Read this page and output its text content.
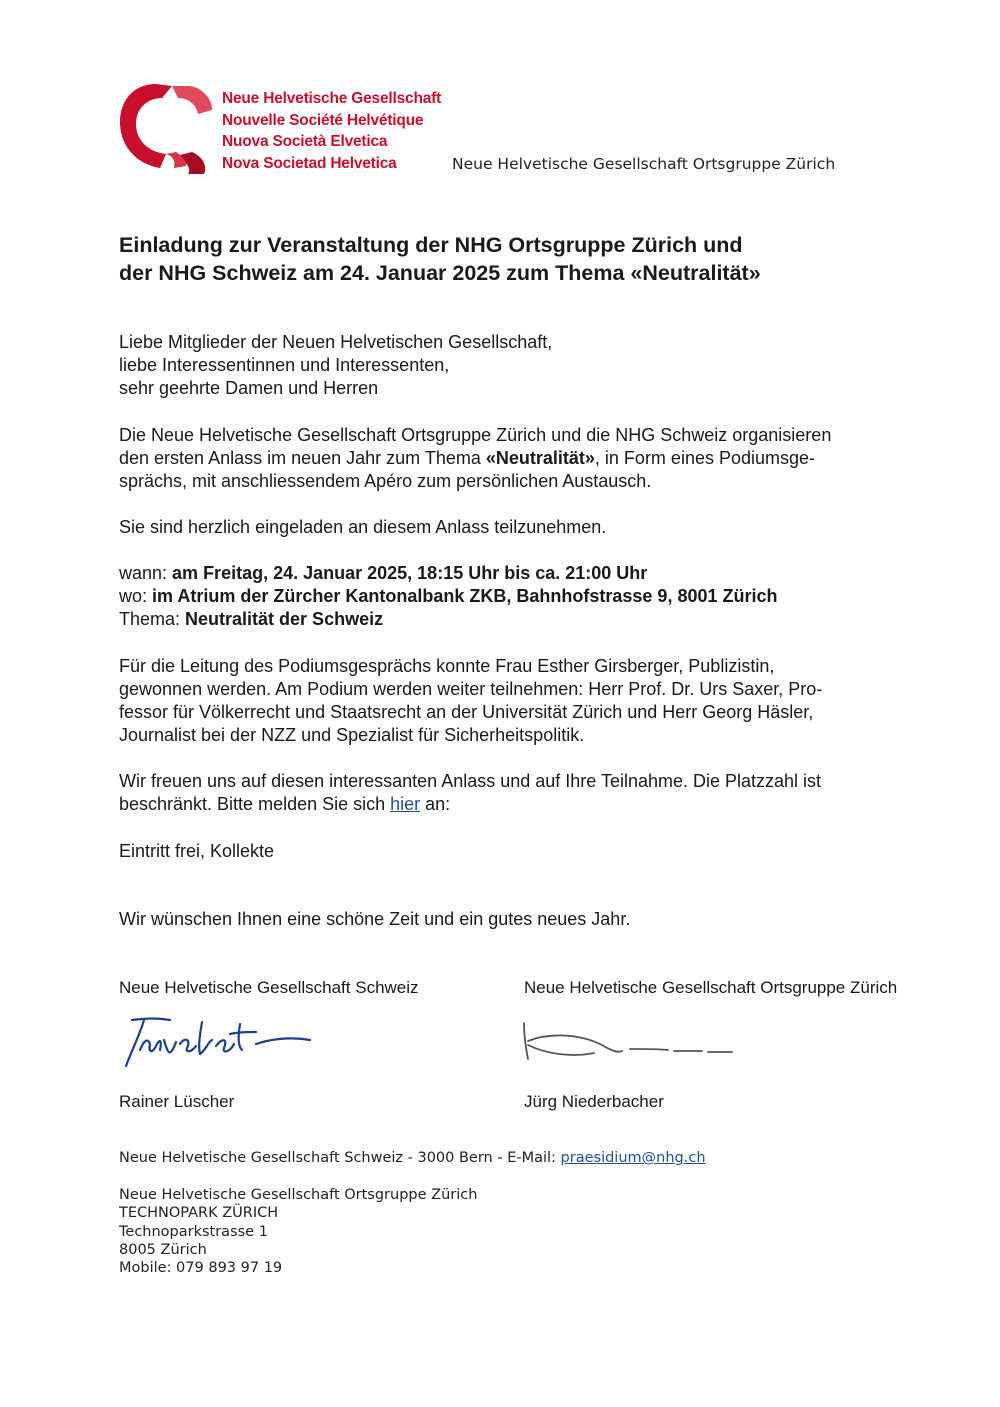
Neue Helvetische Gesellschaft
Nouvelle Société Helvétique
Nuova Società Elvetica
Nova Societad Helvetica	Neue Helvetische Gesellschaft Ortsgruppe Zürich
Einladung zur Veranstaltung der NHG Ortsgruppe Zürich und
der NHG Schweiz am 24. Januar 2025 zum Thema «Neutralität»
Liebe Mitglieder der Neuen Helvetischen Gesellschaft,
liebe Interessentinnen und Interessenten,
sehr geehrte Damen und Herren
Die Neue Helvetische Gesellschaft Ortsgruppe Zürich und die NHG Schweiz organisieren
den ersten Anlass im neuen Jahr zum Thema «Neutralität», in Form eines Podiumsge-
sprächs, mit anschliessendem Apéro zum persönlichen Austausch.
Sie sind herzlich eingeladen an diesem Anlass teilzunehmen.
wann: am Freitag, 24. Januar 2025, 18:15 Uhr bis ca. 21:00 Uhr
wo: im Atrium der Zürcher Kantonalbank ZKB, Bahnhofstrasse 9, 8001 Zürich
Thema: Neutralität der Schweiz
Für die Leitung des Podiumsgesprächs konnte Frau Esther Girsberger, Publizistin,
gewonnen werden. Am Podium werden weiter teilnehmen: Herr Prof. Dr. Urs Saxer, Pro-
fessor für Völkerrecht und Staatsrecht an der Universität Zürich und Herr Georg Häsler,
Journalist bei der NZZ und Spezialist für Sicherheitspolitik.
Wir freuen uns auf diesen interessanten Anlass und auf Ihre Teilnahme. Die Platzzahl ist
beschränkt. Bitte melden Sie sich hier an:
Eintritt frei, Kollekte
Wir wünschen Ihnen eine schöne Zeit und ein gutes neues Jahr.
Neue Helvetische Gesellschaft Schweiz	Neue Helvetische Gesellschaft Ortsgruppe Zürich
Rainer Lüscher	Jürg Niederbacher
Neue Helvetische Gesellschaft Schweiz - 3000 Bern - E-Mail: praesidium@nhg.ch
Neue Helvetische Gesellschaft Ortsgruppe Zürich
TECHNOPARK ZÜRICH
Technoparkstrasse 1
8005 Zürich
Mobile: 079 893 97 19
